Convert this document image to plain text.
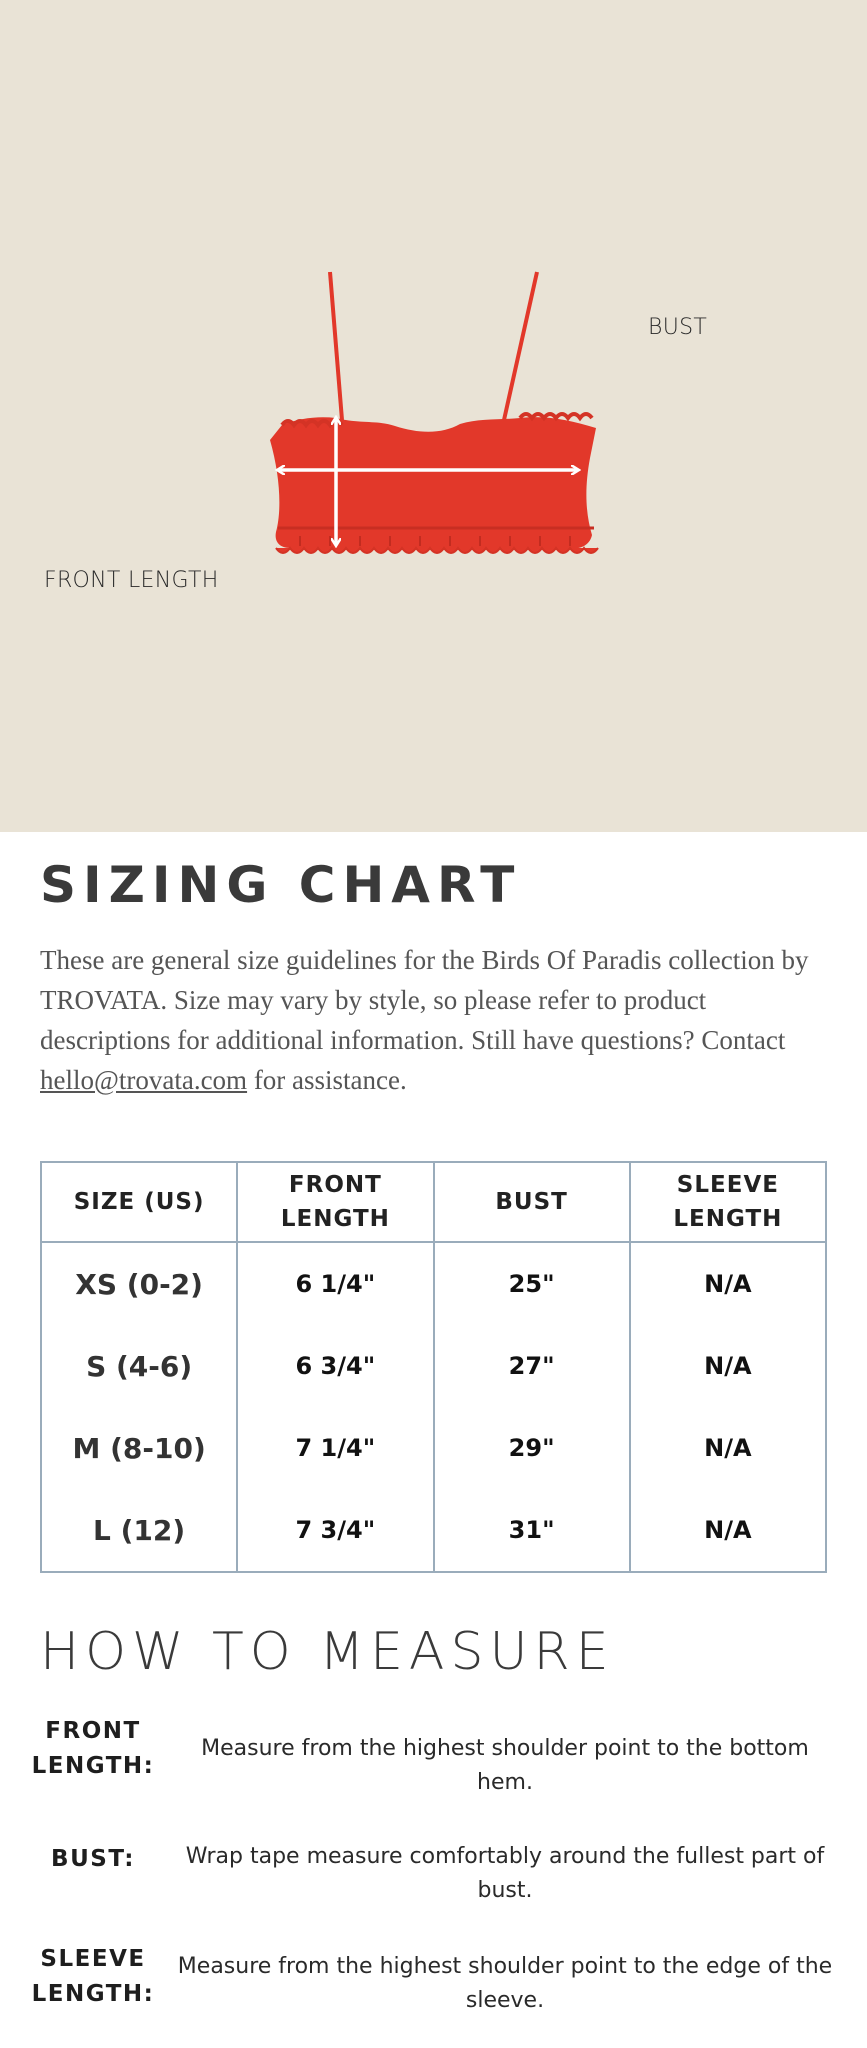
BUST
FRONT LENGTH
SIZING CHART
These are general size guidelines for the Birds Of Paradis collection by TROVATA. Size may vary by style, so please refer to product descriptions for additional information. Still have questions? Contact hello@trovata.com for assistance.
SIZE (US)	FRONT LENGTH	BUST	SLEEVE LENGTH
XS (0-2)	6 1/4"	25"	N/A
S (4-6)	6 3/4"	27"	N/A
M (8-10)	7 1/4"	29"	N/A
L (12)	7 3/4"	31"	N/A
HOW TO MEASURE
FRONT LENGTH:
Measure from the highest shoulder point to the bottom hem.
BUST:	Wrap tape measure comfortably around the fullest part of bust.
SLEEVE LENGTH:
Measure from the highest shoulder point to the edge of the sleeve.
